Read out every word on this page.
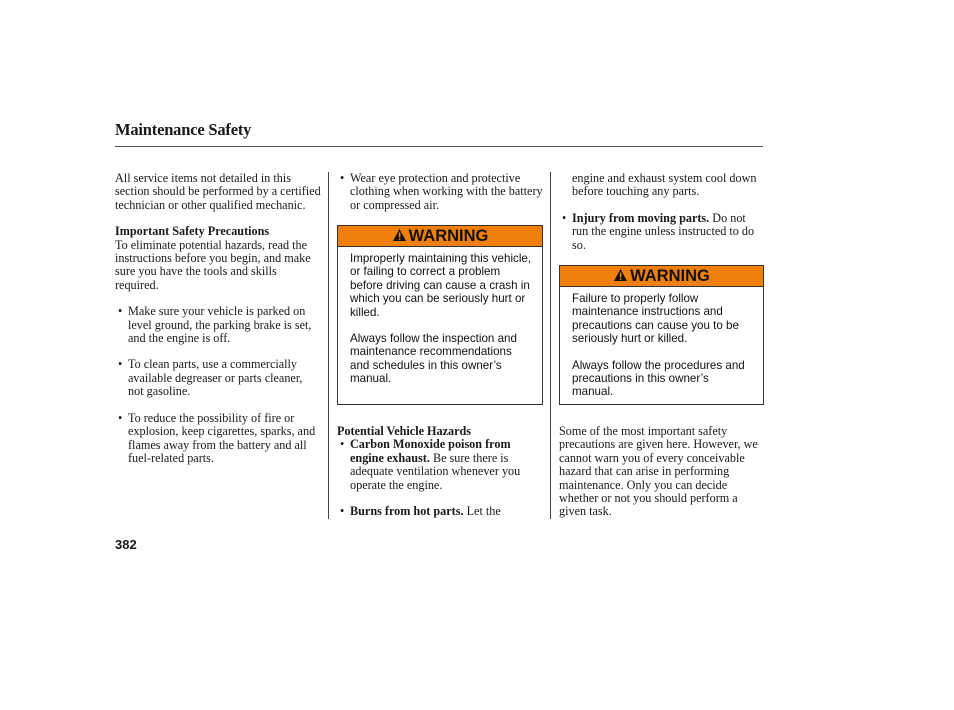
Maintenance Safety

All service items not detailed in this section should be performed by a certified technician or other qualified mechanic.

Important Safety Precautions

To eliminate potential hazards, read the instructions before you begin, and make sure you have the tools and skills required.

• Make sure your vehicle is parked on level ground, the parking brake is set, and the engine is off.
• To clean parts, use a commercially available degreaser or parts cleaner, not gasoline.
• To reduce the possibility of fire or explosion, keep cigarettes, sparks, and flames away from the battery and all fuel-related parts.
• Wear eye protection and protective clothing when working with the battery or compressed air.
WARNING

Improperly maintaining this vehicle, or failing to correct a problem before driving can cause a crash in which you can be seriously hurt or killed.

Always follow the inspection and maintenance recommendations and schedules in this owner’s manual.

Potential Vehicle Hazards

• Carbon Monoxide poison from engine exhaust. Be sure there is adequate ventilation whenever you operate the engine.
• Burns from hot parts. Let the

engine and exhaust system cool down before touching any parts.

• Injury from moving parts. Do not run the engine unless instructed to do so.
WARNING

Failure to properly follow maintenance instructions and precautions can cause you to be seriously hurt or killed.

Always follow the procedures and precautions in this owner’s manual.

Some of the most important safety precautions are given here. However, we cannot warn you of every conceivable hazard that can arise in performing maintenance. Only you can decide whether or not you should perform a given task.

382
